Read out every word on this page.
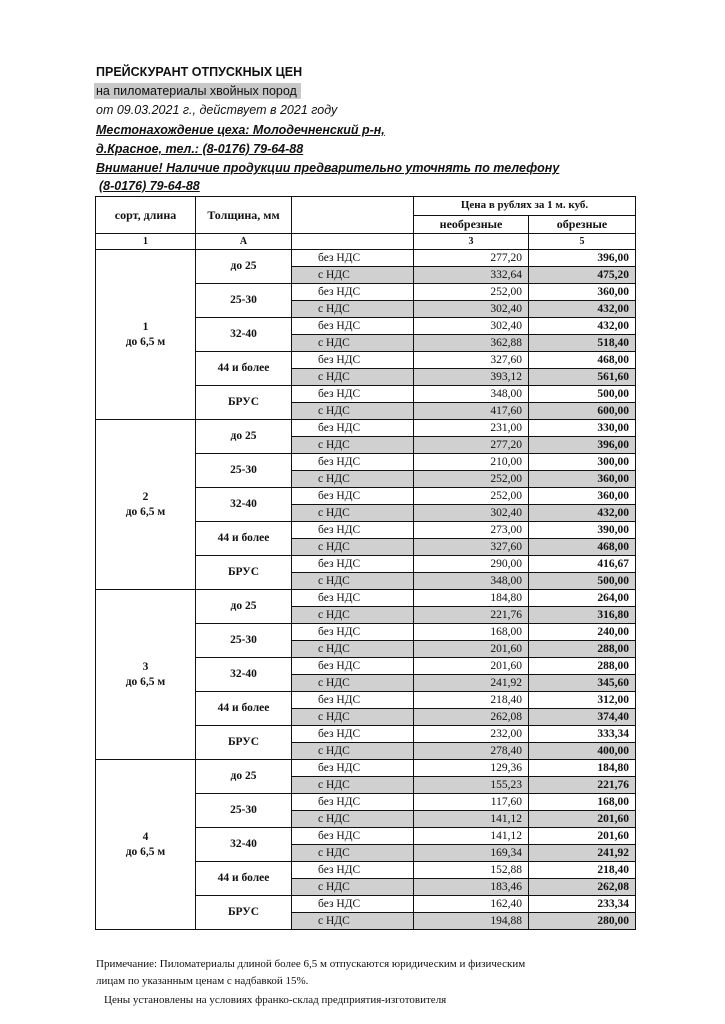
ПРЕЙСКУРАНТ ОТПУСКНЫХ ЦЕН
на пиломатериалы хвойных пород
от 09.03.2021 г., действует в 2021 году
Местонахождение цеха: Молодечненский р-н,
д.Красное, тел.: (8-0176) 79-64-88
Внимание! Наличие продукции предварительно уточнять по телефону
(8-0176) 79-64-88
сорт, длина	Толщина, мм		Цена в рублях за 1 м. куб.	
			необрезные	обрезные
1	А		3	5

1
до 6,5 м	до 25	без НДС	277,20	396,00
		с НДС	332,64	475,20
	25-30	без НДС	252,00	360,00
		с НДС	302,40	432,00
	32-40	без НДС	302,40	432,00
		с НДС	362,88	518,40
	44 и более	без НДС	327,60	468,00
		с НДС	393,12	561,60
	БРУС	без НДС	348,00	500,00
		с НДС	417,60	600,00

2
до 6,5 м	до 25	без НДС	231,00	330,00
		с НДС	277,20	396,00
	25-30	без НДС	210,00	300,00
		с НДС	252,00	360,00
	32-40	без НДС	252,00	360,00
		с НДС	302,40	432,00
	44 и более	без НДС	273,00	390,00
		с НДС	327,60	468,00
	БРУС	без НДС	290,00	416,67
		с НДС	348,00	500,00

3
до 6,5 м	до 25	без НДС	184,80	264,00
		с НДС	221,76	316,80
	25-30	без НДС	168,00	240,00
		с НДС	201,60	288,00
	32-40	без НДС	201,60	288,00
		с НДС	241,92	345,60
	44 и более	без НДС	218,40	312,00
		с НДС	262,08	374,40
	БРУС	без НДС	232,00	333,34
		с НДС	278,40	400,00

4
до 6,5 м	до 25	без НДС	129,36	184,80
		с НДС	155,23	221,76
	25-30	без НДС	117,60	168,00
		с НДС	141,12	201,60
	32-40	без НДС	141,12	201,60
		с НДС	169,34	241,92
	44 и более	без НДС	152,88	218,40
		с НДС	183,46	262,08
	БРУС	без НДС	162,40	233,34
		с НДС	194,88	280,00
Примечание: Пиломатериалы длиной более 6,5 м отпускаются юридическим и физическим
лицам по указанным ценам с надбавкой 15%.
Цены установлены на условиях франко-склад предприятия-изготовителя
